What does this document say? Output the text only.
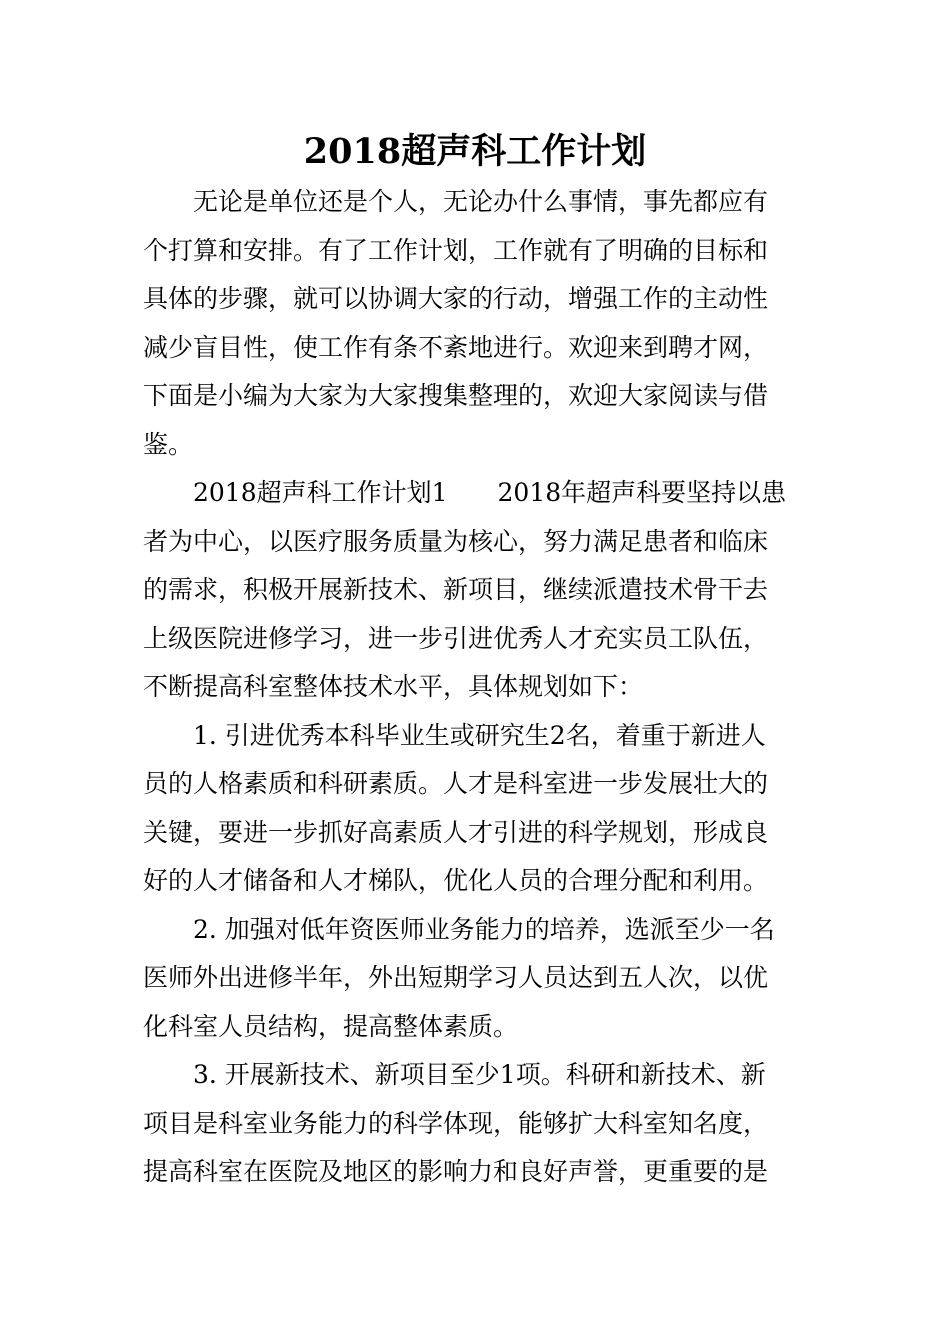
2018超声科工作计划
无论是单位还是个人，无论办什么事情，事先都应有
个打算和安排。有了工作计划，工作就有了明确的目标和
具体的步骤，就可以协调大家的行动，增强工作的主动性
减少盲目性，使工作有条不紊地进行。欢迎来到聘才网，
下面是小编为大家为大家搜集整理的，欢迎大家阅读与借
鉴。
2018超声科工作计划1　　2018年超声科要坚持以患
者为中心，以医疗服务质量为核心，努力满足患者和临床
的需求，积极开展新技术、新项目，继续派遣技术骨干去
上级医院进修学习，进一步引进优秀人才充实员工队伍，
不断提高科室整体技术水平，具体规划如下：
1. 引进优秀本科毕业生或研究生2名，着重于新进人
员的人格素质和科研素质。人才是科室进一步发展壮大的
关键，要进一步抓好高素质人才引进的科学规划，形成良
好的人才储备和人才梯队，优化人员的合理分配和利用。
2. 加强对低年资医师业务能力的培养，选派至少一名
医师外出进修半年，外出短期学习人员达到五人次，以优
化科室人员结构，提高整体素质。
3. 开展新技术、新项目至少1项。科研和新技术、新
项目是科室业务能力的科学体现，能够扩大科室知名度，
提高科室在医院及地区的影响力和良好声誉，更重要的是
